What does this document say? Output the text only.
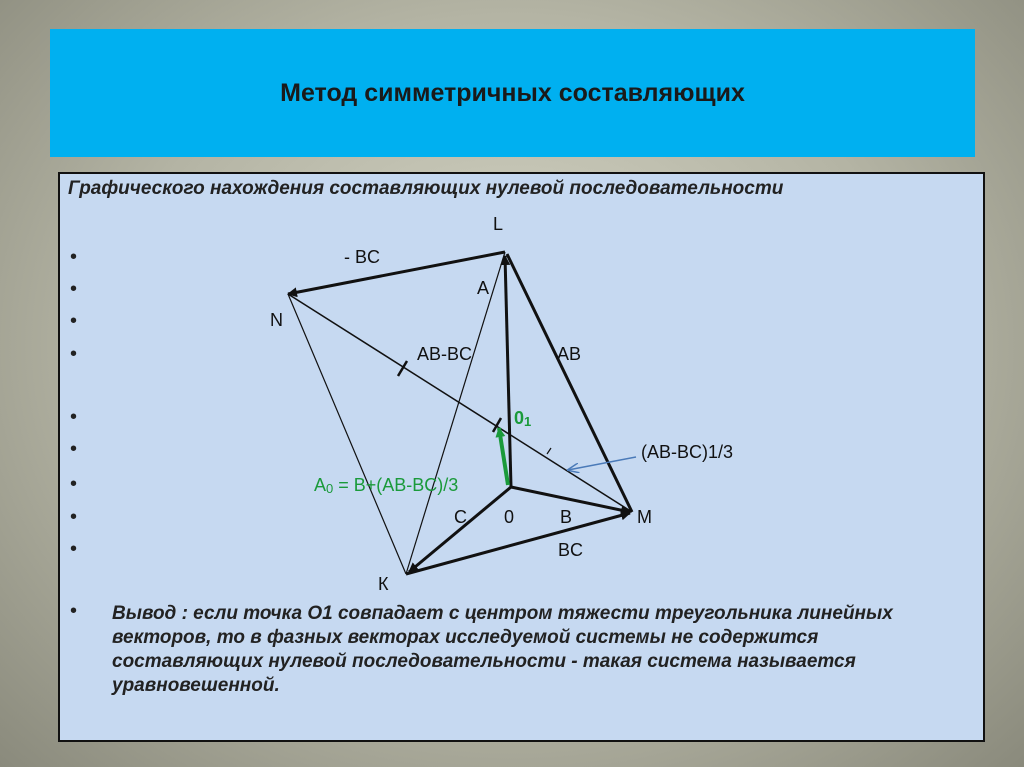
Метод симметричных составляющих
Графического нахождения составляющих нулевой последовательности
•
•
•
•
•
•
•
•
•
L
- BC
A
N
AB-BC	AB
01
(AB-BC)1/3
A0 = B+(AB-BC)/3
C 0	B	M
BC
К
• Вывод : если точка О1 совпадает с центром тяжести треугольника линейных векторов, то в фазных векторах исследуемой системы не содержится составляющих нулевой последовательности - такая система называется уравновешенной.
